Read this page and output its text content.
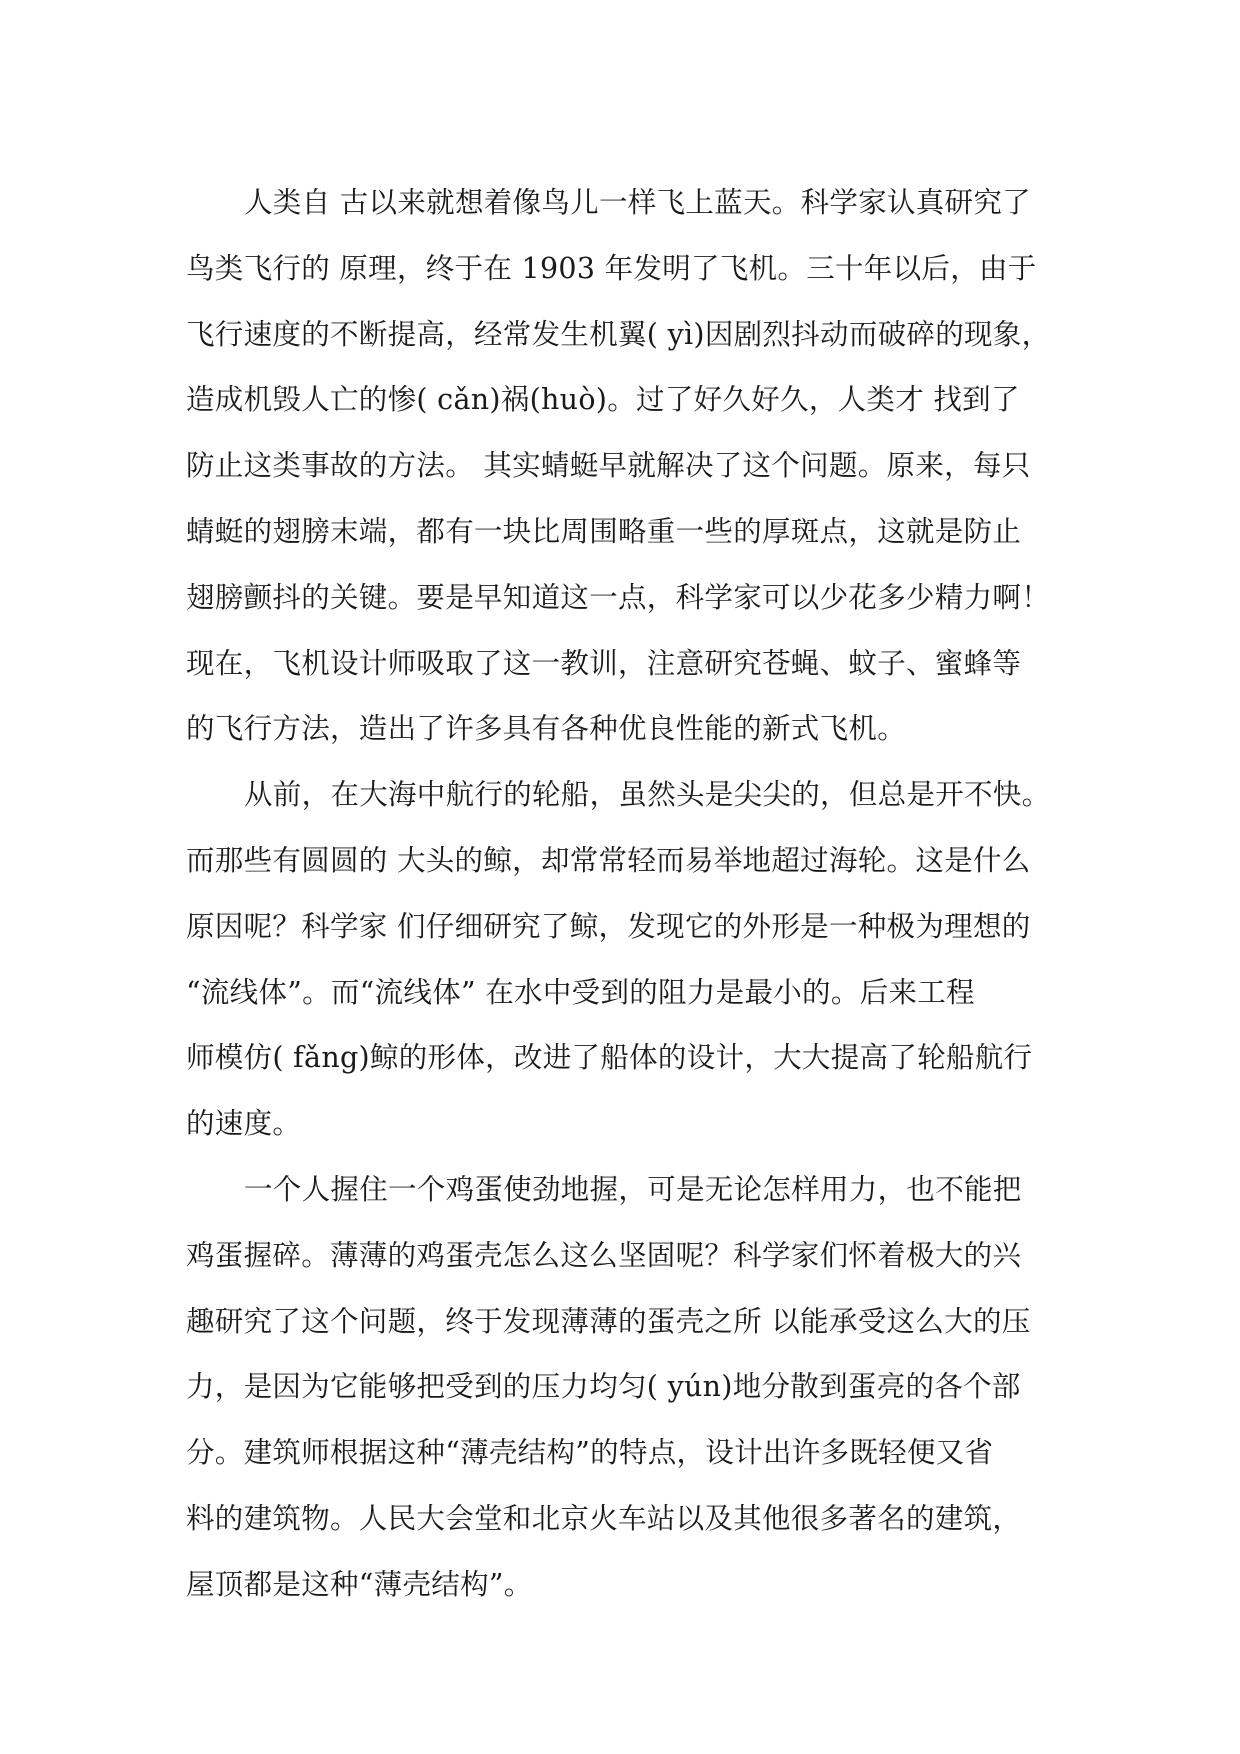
人类自 古以来就想着像鸟儿一样飞上蓝天。科学家认真研究了
鸟类飞行的 原理，终于在 1903 年发明了飞机。三十年以后，由于
飞行速度的不断提高，经常发生机翼( yì)因剧烈抖动而破碎的现象，
造成机毁人亡的惨( cǎn)祸(huò)。过了好久好久，人类才 找到了
防止这类事故的方法。 其实蜻蜓早就解决了这个问题。原来，每只
蜻蜓的翅膀末端，都有一块比周围略重一些的厚斑点，这就是防止
翅膀颤抖的关键。要是早知道这一点，科学家可以少花多少精力啊！
现在，飞机设计师吸取了这一教训，注意研究苍蝇、蚊子、蜜蜂等
的飞行方法，造出了许多具有各种优良性能的新式飞机。
从前，在大海中航行的轮船，虽然头是尖尖的，但总是开不快。
而那些有圆圆的 大头的鲸，却常常轻而易举地超过海轮。这是什么
原因呢？科学家 们仔细研究了鲸，发现它的外形是一种极为理想的
“流线体”。而“流线体” 在水中受到的阻力是最小的。后来工程
师模仿( fǎng)鲸的形体，改进了船体的设计，大大提高了轮船航行
的速度。
一个人握住一个鸡蛋使劲地握，可是无论怎样用力，也不能把
鸡蛋握碎。薄薄的鸡蛋壳怎么这么坚固呢？科学家们怀着极大的兴
趣研究了这个问题，终于发现薄薄的蛋壳之所 以能承受这么大的压
力，是因为它能够把受到的压力均匀( yún)地分散到蛋亮的各个部
分。建筑师根据这种“薄壳结构”的特点，设计出许多既轻便又省
料的建筑物。人民大会堂和北京火车站以及其他很多著名的建筑，
屋顶都是这种“薄壳结构”。
